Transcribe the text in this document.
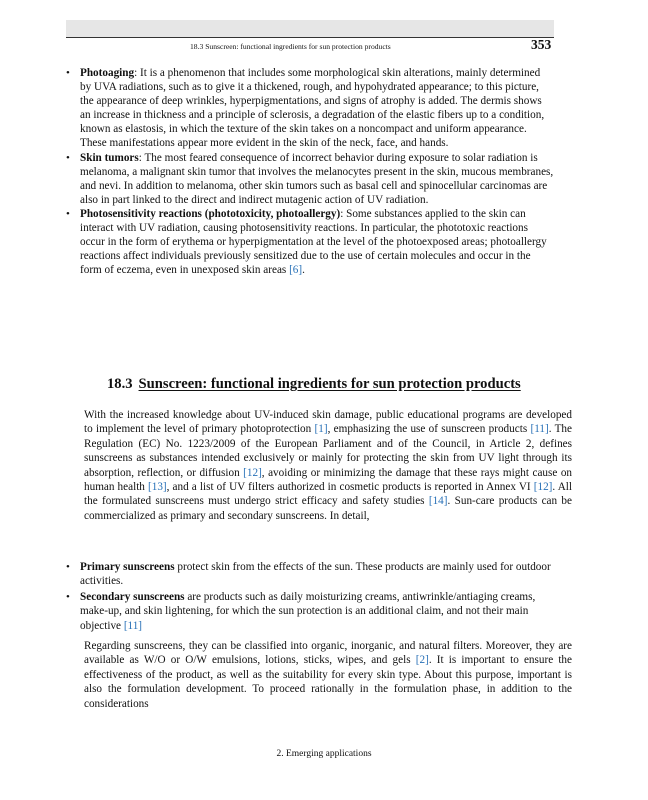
18.3 Sunscreen: functional ingredients for sun protection products	353
• Photoaging: It is a phenomenon that includes some morphological skin alterations, mainly determined by UVA radiations, such as to give it a thickened, rough, and hypohydrated appearance; to this picture, the appearance of deep wrinkles, hyperpigmentations, and signs of atrophy is added. The dermis shows an increase in thickness and a principle of sclerosis, a degradation of the elastic fibers up to a condition, known as elastosis, in which the texture of the skin takes on a noncompact and uniform appearance. These manifestations appear more evident in the skin of the neck, face, and hands.
• Skin tumors: The most feared consequence of incorrect behavior during exposure to solar radiation is melanoma, a malignant skin tumor that involves the melanocytes present in the skin, mucous membranes, and nevi. In addition to melanoma, other skin tumors such as basal cell and spinocellular carcinomas are also in part linked to the direct and indirect mutagenic action of UV radiation.
• Photosensitivity reactions (phototoxicity, photoallergy): Some substances applied to the skin can interact with UV radiation, causing photosensitivity reactions. In particular, the phototoxic reactions occur in the form of erythema or hyperpigmentation at the level of the photoexposed areas; photoallergy reactions affect individuals previously sensitized due to the use of certain molecules and occur in the form of eczema, even in unexposed skin areas [6].
18.3 Sunscreen: functional ingredients for sun protection products

With the increased knowledge about UV-induced skin damage, public educational programs are developed to implement the level of primary photoprotection [1], emphasizing the use of sunscreen products [11]. The Regulation (EC) No. 1223/2009 of the European Parliament and of the Council, in Article 2, defines sunscreens as substances intended exclusively or mainly for protecting the skin from UV light through its absorption, reflection, or diffusion [12], avoiding or minimizing the damage that these rays might cause on human health [13], and a list of UV filters authorized in cosmetic products is reported in Annex VI [12]. All the formulated sunscreens must undergo strict efficacy and safety studies [14]. Sun-care products can be commercialized as primary and secondary sunscreens. In detail,

• Primary sunscreens protect skin from the effects of the sun. These products are mainly used for outdoor activities.
• Secondary sunscreens are products such as daily moisturizing creams, antiwrinkle/antiaging creams, make-up, and skin lightening, for which the sun protection is an additional claim, and not their main objective [11]

Regarding sunscreens, they can be classified into organic, inorganic, and natural filters. Moreover, they are available as W/O or O/W emulsions, lotions, sticks, wipes, and gels [2]. It is important to ensure the effectiveness of the product, as well as the suitability for every skin type. About this purpose, important is also the formulation development. To proceed rationally in the formulation phase, in addition to the considerations

2. Emerging applications
